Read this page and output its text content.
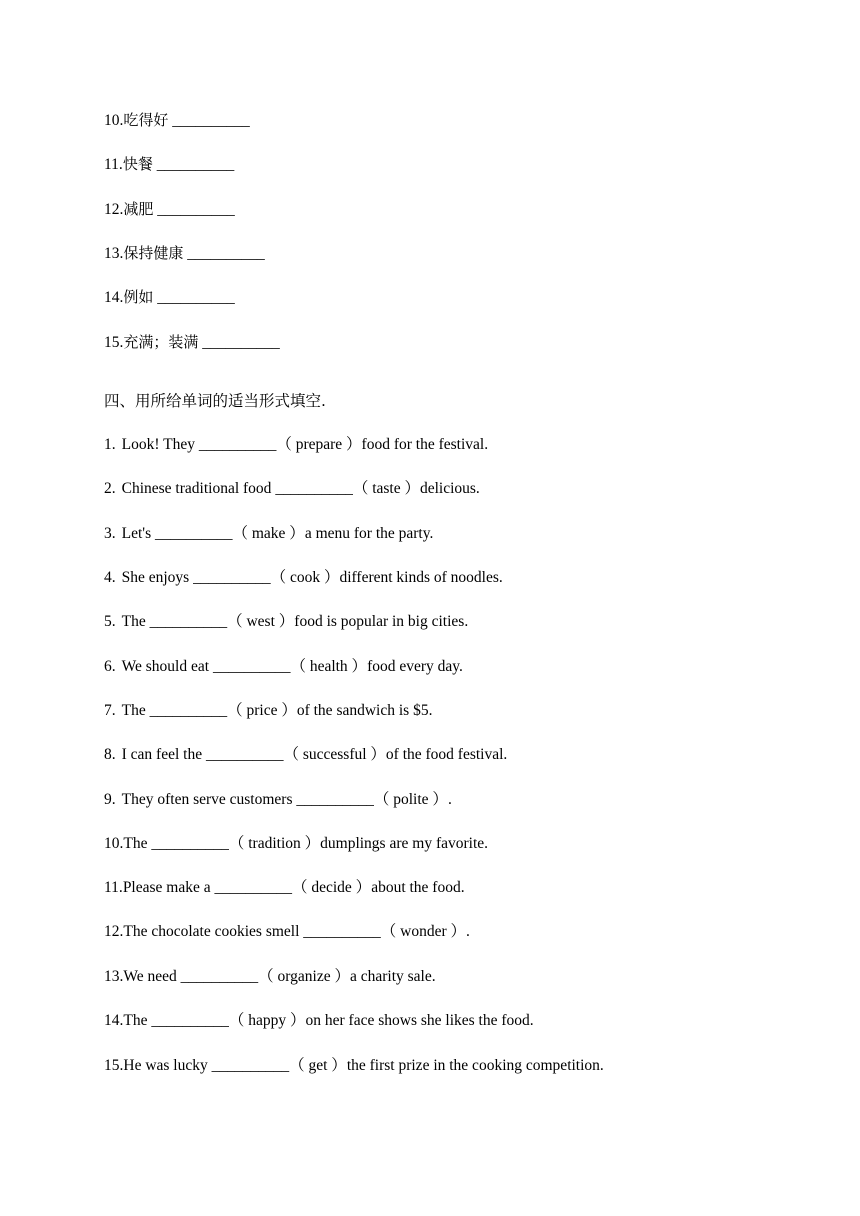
10.吃得好 __________
11.快餐 __________
12.减肥 __________
13.保持健康 __________
14.例如 __________
15.充满；装满 __________
四、用所给单词的适当形式填空.
1. Look! They __________（ prepare ）food for the festival.
2. Chinese traditional food __________（ taste ）delicious.
3. Let's __________（ make ）a menu for the party.
4. She enjoys __________（ cook ）different kinds of noodles.
5. The __________（ west ）food is popular in big cities.
6. We should eat __________（ health ）food every day.
7. The __________（ price ）of the sandwich is $5.
8. I can feel the __________（ successful ）of the food festival.
9. They often serve customers __________（ polite ）.
10.The __________（ tradition ）dumplings are my favorite.
11.Please make a __________（ decide ）about the food.
12.The chocolate cookies smell __________（ wonder ）.
13.We need __________（ organize ）a charity sale.
14.The __________（ happy ）on her face shows she likes the food.
15.He was lucky __________（ get ）the first prize in the cooking competition.
